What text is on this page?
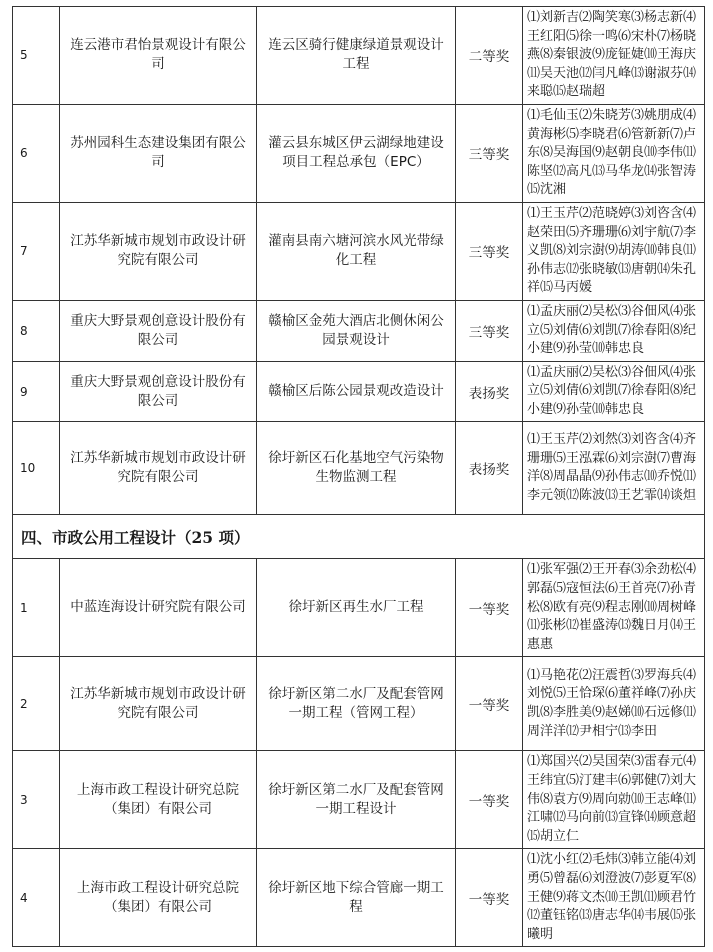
5	连云港市君怡景观设计有限公司	连云区骑行健康绿道景观设计工程	二等奖	⑴刘新吉⑵陶笑寒⑶杨志新⑷王红阳⑸徐一鸣⑹宋朴⑺杨晓燕⑻秦银波⑼庞钲婕⑽王海庆⑾吴天池⑿闫凡峰⒀谢淑芬⒁来聪⒂赵瑞超
6	苏州园科生态建设集团有限公司	灌云县东城区伊云湖绿地建设项目工程总承包（EPC）	三等奖	⑴毛仙玉⑵朱晓芳⑶姚朋成⑷黄海彬⑸李晓君⑹管新新⑺卢东⑻吴海国⑼赵朝良⑽李伟⑾陈坚⑿高凡⒀马华龙⒁张智涛⒂沈湘
7	江苏华新城市规划市政设计研究院有限公司	灌南县南六塘河滨水风光带绿化工程	三等奖	⑴王玉芹⑵范晓婷⑶刘咨含⑷赵荣田⑸齐珊珊⑹刘宇航⑺李义凯⑻刘宗澍⑼胡涛⑽韩良⑾孙伟志⑿张晓敏⒀唐朝⒁朱孔祥⒂马丙媛
8	重庆大野景观创意设计股份有限公司	赣榆区金苑大酒店北侧休闲公园景观设计	三等奖	⑴孟庆丽⑵吴松⑶谷佃风⑷张立⑸刘倩⑹刘凯⑺徐春阳⑻纪小建⑼孙莹⑽韩忠良
9	重庆大野景观创意设计股份有限公司	赣榆区后陈公园景观改造设计	表扬奖	⑴孟庆丽⑵吴松⑶谷佃风⑷张立⑸刘倩⑹刘凯⑺徐春阳⑻纪小建⑼孙莹⑽韩忠良
10	江苏华新城市规划市政设计研究院有限公司	徐圩新区石化基地空气污染物生物监测工程	表扬奖	⑴王玉芹⑵刘然⑶刘咨含⑷齐珊珊⑸王泓霖⑹刘宗澍⑺曹海洋⑻周晶晶⑼孙伟志⑽乔悦⑾李元领⑿陈波⒀王艺霏⒁谈炟
四、市政公用工程设计（25 项）				
1	中蓝连海设计研究院有限公司	徐圩新区再生水厂工程	一等奖	⑴张军强⑵王开春⑶余劲松⑷郭磊⑸寇恒法⑹王首亮⑺孙青松⑻欧有亮⑼程志刚⑽周树峰⑾张彬⑿崔盛涛⒀魏日月⒁王惠惠
2	江苏华新城市规划市政设计研究院有限公司	徐圩新区第二水厂及配套管网一期工程（管网工程）	一等奖	⑴马艳花⑵汪震哲⑶罗海兵⑷刘悦⑸王恰琛⑹董祥峰⑺孙庆凯⑻李胜美⑼赵娣⑽石远修⑾周洋洋⑿尹相宁⒀李田
3	上海市政工程设计研究总院（集团）有限公司	徐圩新区第二水厂及配套管网一期工程设计	一等奖	⑴郑国兴⑵吴国荣⑶雷春元⑷王纬宜⑸汀建丰⑹郭健⑺刘大伟⑻袁方⑼周向勍⑽王志峰⑾江啸⑿马向前⒀宣锋⒁顾意超⒂胡立仁
4	上海市政工程设计研究总院（集团）有限公司	徐圩新区地下综合管廊一期工程	一等奖	⑴沈小红⑵毛炜⑶韩立能⑷刘勇⑸曾磊⑹刘澄波⑺彭夏军⑻王健⑼蒋文杰⑽王凯⑾顾君竹⑿董钰铭⒀唐志华⒁韦展⒂张曦明
